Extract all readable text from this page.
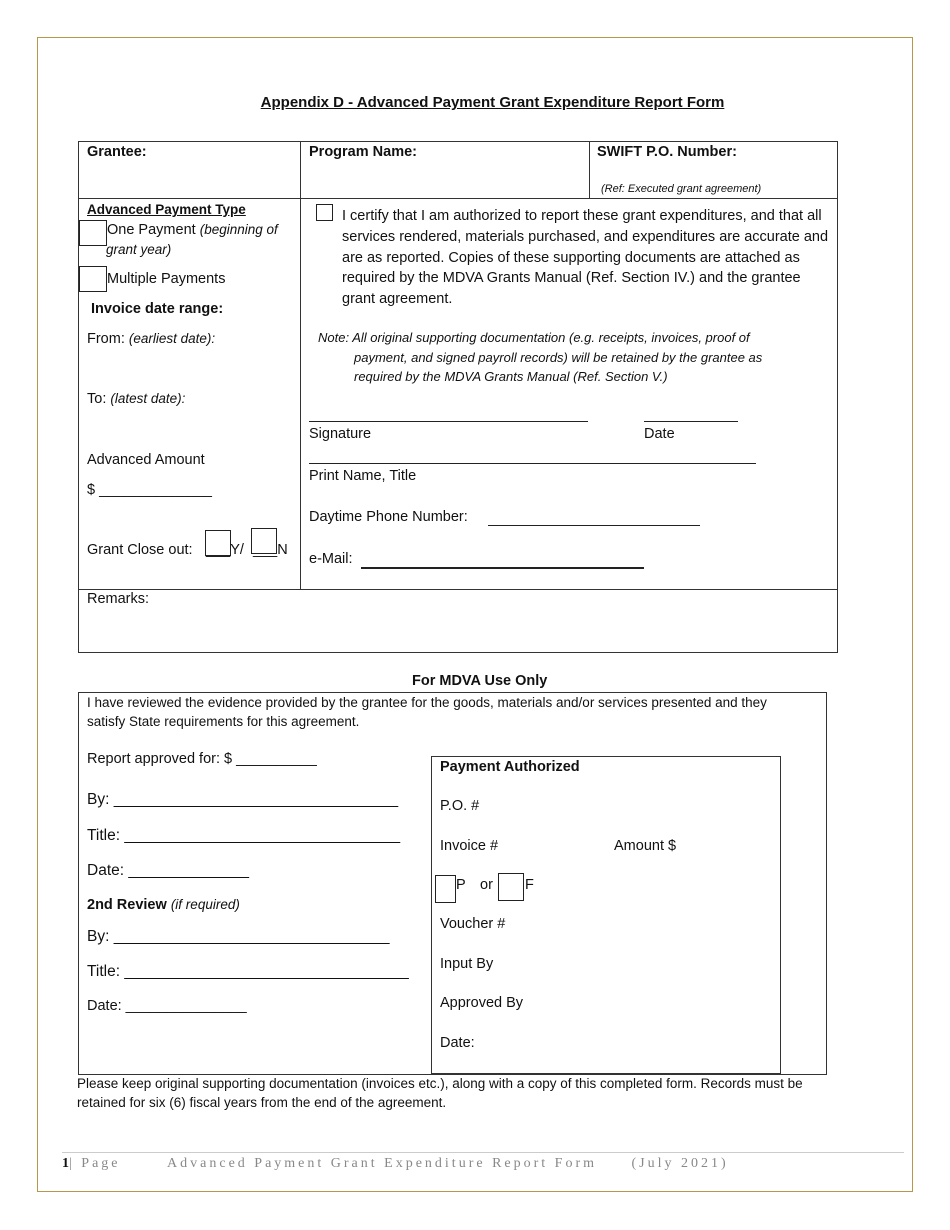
Appendix D - Advanced Payment Grant Expenditure Report Form
Grantee:	Program Name:	SWIFT P.O. Number:
(Ref: Executed grant agreement)
Advanced Payment Type
One Payment (beginning of
grant year)
Multiple Payments
Invoice date range:
From: (earliest date):
To: (latest date):
Advanced Amount
$ ______________
Grant Close out: ___Y/ ___N
I certify that I am authorized to report these grant expenditures, and that all services rendered, materials purchased, and expenditures are accurate and are as reported. Copies of these supporting documents are attached as required by the MDVA Grants Manual (Ref. Section IV.) and the grantee grant agreement.
Note: All original supporting documentation (e.g. receipts, invoices, proof of
payment, and signed payroll records) will be retained by the grantee as
required by the MDVA Grants Manual (Ref. Section V.)
Signature	Date
Print Name, Title
Daytime Phone Number:
e-Mail:
Remarks:
For MDVA Use Only
I have reviewed the evidence provided by the grantee for the goods, materials and/or services presented and they
satisfy State requirements for this agreement.
Report approved for: $ __________
By: _________________________________
Title: ________________________________
Date: ______________
2nd Review (if required)
By: ________________________________
Title: _________________________________
Date: _______________
Payment Authorized
P.O. #
Invoice #	Amount $
P or F
Voucher #
Input By
Approved By
Date:
Please keep original supporting documentation (invoices etc.), along with a copy of this completed form. Records must be
retained for six (6) fiscal years from the end of the agreement.
1| Page	Advanced Payment Grant Expenditure Report Form (July 2021)
